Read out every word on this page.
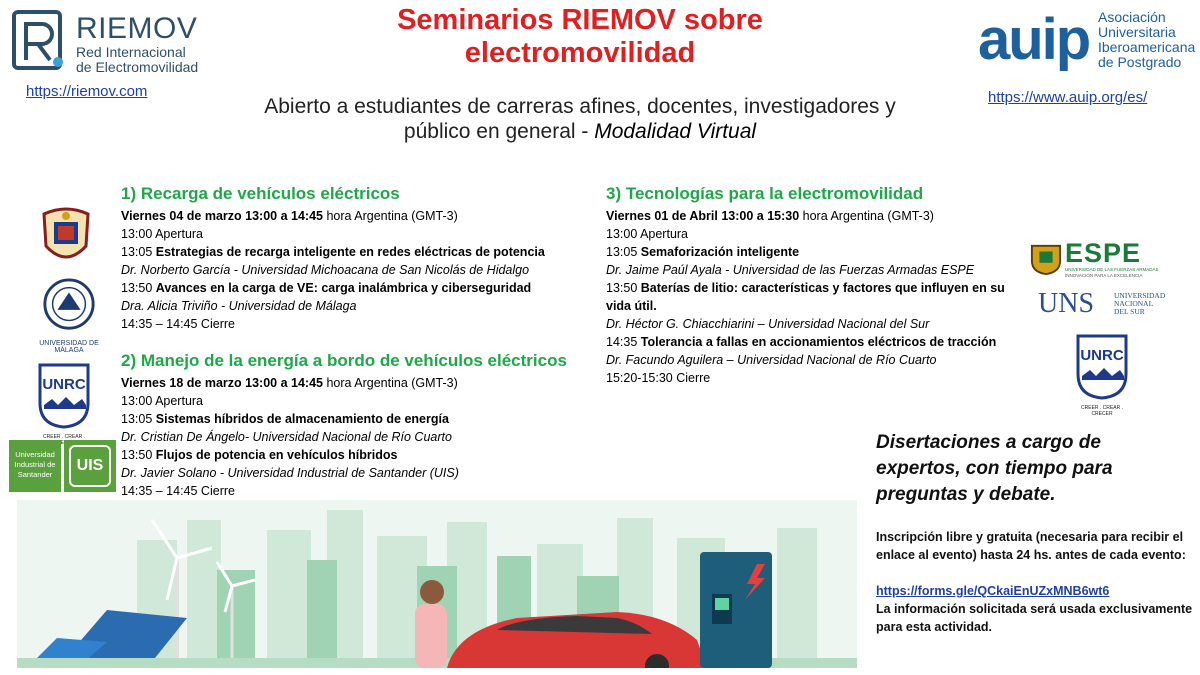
RIEMOV
Red Internacional
de Electromovilidad
https://riemov.com
auip Asociación
Universitaria
Iberoamericana
de Postgrado
https://www.auip.org/es/
Seminarios RIEMOV sobre
electromovilidad
Abierto a estudiantes de carreras afines, docentes, investigadores y
público en general - Modalidad Virtual
1) Recarga de vehículos eléctricos
Viernes 04 de marzo 13:00 a 14:45 hora Argentina (GMT-3)
13:00 Apertura
13:05 Estrategias de recarga inteligente en redes eléctricas de potencia
Dr. Norberto García - Universidad Michoacana de San Nicolás de Hidalgo
13:50 Avances en la carga de VE: carga inalámbrica y ciberseguridad
Dra. Alicia Triviño - Universidad de Málaga
14:35 – 14:45 Cierre
2) Manejo de la energía a bordo de vehículos eléctricos
Viernes 18 de marzo 13:00 a 14:45 hora Argentina (GMT-3)
13:00 Apertura
13:05 Sistemas híbridos de almacenamiento de energía
Dr. Cristian De Ángelo- Universidad Nacional de Río Cuarto
13:50 Flujos de potencia en vehículos híbridos
Dr. Javier Solano - Universidad Industrial de Santander (UIS)
14:35 – 14:45 Cierre
3) Tecnologías para la electromovilidad
Viernes 01 de Abril 13:00 a 15:30 hora Argentina (GMT-3)
13:00 Apertura
13:05 Semaforización inteligente
Dr. Jaime Paúl Ayala - Universidad de las Fuerzas Armadas ESPE
13:50 Baterías de litio: características y factores que influyen en su vida útil.
Dr. Héctor G. Chiacchiarini – Universidad Nacional del Sur
14:35 Tolerancia a fallas en accionamientos eléctricos de tracción
Dr. Facundo Aguilera – Universidad Nacional de Río Cuarto
15:20-15:30 Cierre
UNIVERSIDAD DE MÁLAGA
UNRC
CREER . CREAR .
Universidad
Industrial de
Santander
UIS
ESPE
UNIVERSIDAD DE LAS FUERZAS ARMADAS
INNOVACIÓN PARA LA EXCELENCIA
UNS	UNIVERSIDAD
NACIONAL
DEL SUR
UNRC
CREER . CREAR . CRECER
Disertaciones a cargo de
expertos, con tiempo para
preguntas y debate.
Inscripción libre y gratuita (necesaria para recibir el enlace al evento) hasta 24 hs. antes de cada evento:
https://forms.gle/QCkaiEnUZxMNB6wt6
La información solicitada será usada exclusivamente para esta actividad.
